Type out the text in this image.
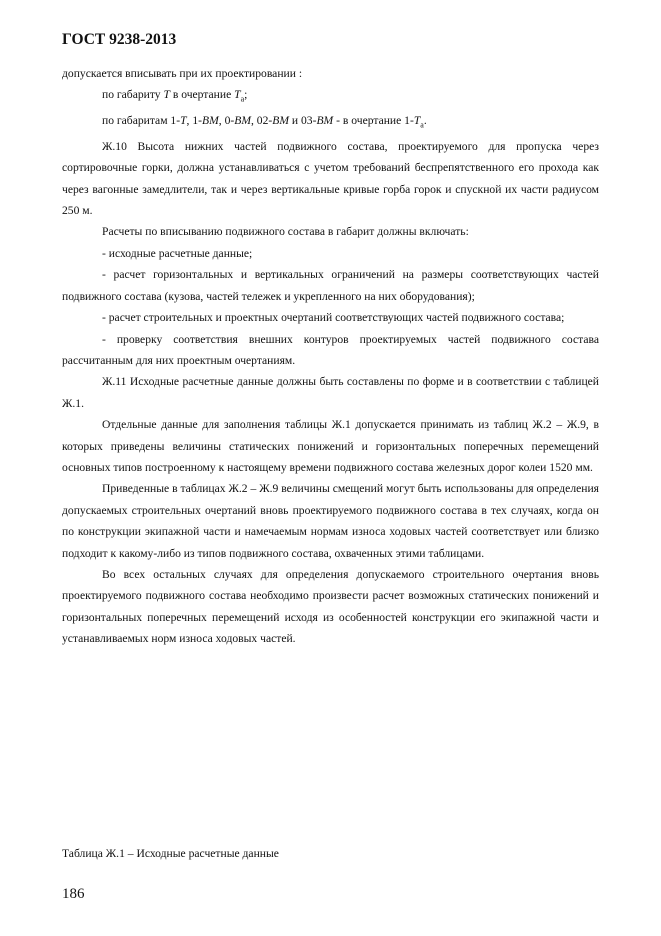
ГОСТ 9238-2013

допускается вписывать при их проектировании :

по габариту Т в очертание $Т_а$;

по габаритам 1-Т, 1-ВМ, 0-ВМ, 02-ВМ и 03-ВМ - в очертание $1-Т_а$.

Ж.10 Высота нижних частей подвижного состава, проектируемого для пропуска через сортировочные горки, должна устанавливаться с учетом требований беспрепятственного его прохода как через вагонные замедлители, так и через вертикальные кривые горба горок и спускной их части радиусом 250 м.

Расчеты по вписыванию подвижного состава в габарит должны включать:

- исходные расчетные данные;

- расчет горизонтальных и вертикальных ограничений на размеры соответствующих частей подвижного состава (кузова, частей тележек и укрепленного на них оборудования);

- расчет строительных и проектных очертаний соответствующих частей подвижного состава;

- проверку соответствия внешних контуров проектируемых частей подвижного состава рассчитанным для них проектным очертаниям.

Ж.11 Исходные расчетные данные должны быть составлены по форме и в соответствии с таблицей Ж.1.

Отдельные данные для заполнения таблицы Ж.1 допускается принимать из таблиц Ж.2 – Ж.9, в которых приведены величины статических понижений и горизонтальных поперечных перемещений основных типов построенному к настоящему времени подвижного состава железных дорог колеи 1520 мм.

Приведенные в таблицах Ж.2 – Ж.9 величины смещений могут быть использованы для определения допускаемых строительных очертаний вновь проектируемого подвижного состава в тех случаях, когда он по конструкции экипажной части и намечаемым нормам износа ходовых частей соответствует или близко подходит к какому-либо из типов подвижного состава, охваченных этими таблицами.

Во всех остальных случаях для определения допускаемого строительного очертания вновь проектируемого подвижного состава необходимо произвести расчет возможных статических понижений и горизонтальных поперечных перемещений исходя из особенностей конструкции его экипажной части и устанавливаемых норм износа ходовых частей.

Таблица Ж.1 – Исходные расчетные данные
186
